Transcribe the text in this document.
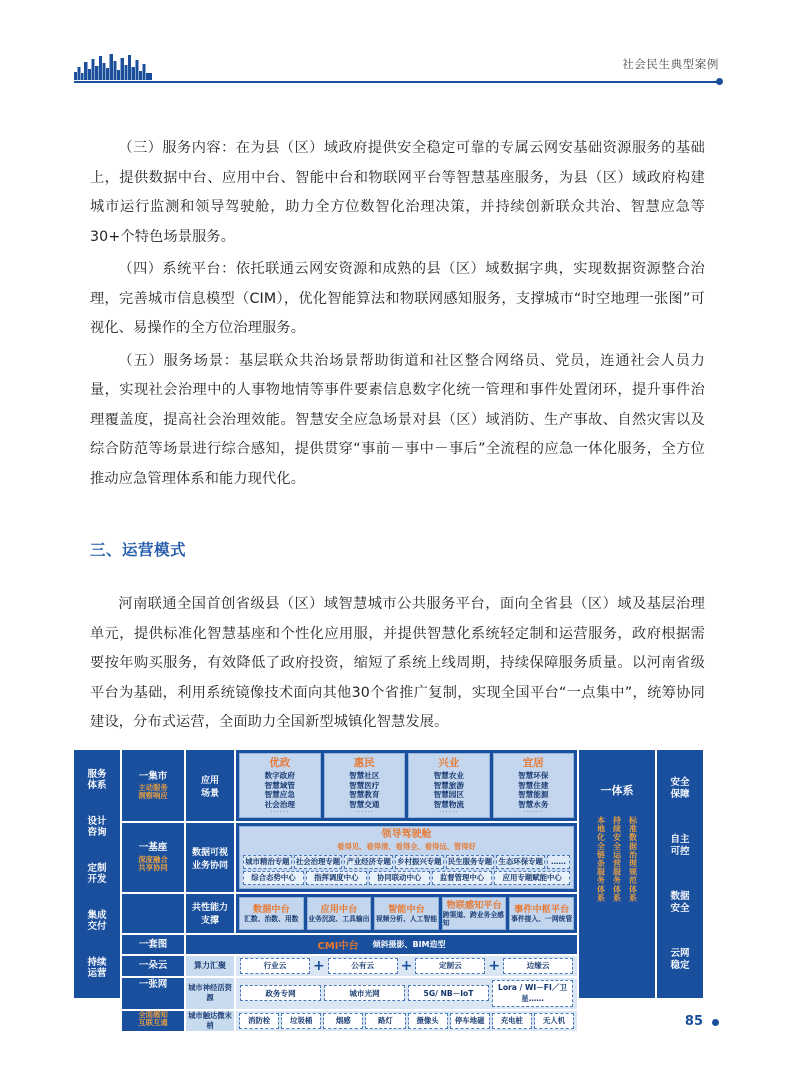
社会民生典型案例

（三）服务内容：在为县（区）域政府提供安全稳定可靠的专属云网安基础资源服务的基础上，提供数据中台、应用中台、智能中台和物联网平台等智慧基座服务，为县（区）域政府构建城市运行监测和领导驾驶舱，助力全方位数智化治理决策，并持续创新联众共治、智慧应急等30+个特色场景服务。

（四）系统平台：依托联通云网安资源和成熟的县（区）域数据字典，实现数据资源整合治理，完善城市信息模型（CIM），优化智能算法和物联网感知服务，支撑城市“时空地理一张图”可视化、易操作的全方位治理服务。

（五）服务场景：基层联众共治场景帮助街道和社区整合网络员、党员，连通社会人员力量，实现社会治理中的人事物地情等事件要素信息数字化统一管理和事件处置闭环，提升事件治理覆盖度，提高社会治理效能。智慧安全应急场景对县（区）域消防、生产事故、自然灾害以及综合防范等场景进行综合感知，提供贯穿“事前－事中－事后”全流程的应急一体化服务，全方位推动应急管理体系和能力现代化。

三、运营模式

河南联通全国首创省级县（区）域智慧城市公共服务平台，面向全省县（区）域及基层治理单元，提供标准化智慧基座和个性化应用服，并提供智慧化系统轻定制和运营服务，政府根据需要按年购买服务，有效降低了政府投资，缩短了系统上线周期，持续保障服务质量。以河南省级平台为基础，利用系统镜像技术面向其他30个省推广复制，实现全国平台“一点集中”，统筹协同建设，分布式运营，全面助力全国新型城镇化智慧发展。

服务
体系
设计
咨询
定制
开发
集成
交付
持续
运营
一集市
主动服务
洞察响应
应用
场景
优政
数字政府
智慧域管
智慧应急
社会治理
······
惠民
智慧社区
智慧医疗
智慧教育
智慧交通
······
兴业
智慧农业
智慧旅游
智慧园区
智慧物流
······
宜居
智慧环保
智慧住建
智慧能源
智慧水务
······
一基座
深度融合
共享协同
数据可视
业务协同
领导驾驶舱
看得见、看得清、看得全、看得远、管得好
城市精治专题 社会治理专题 产业经济专题 乡村振兴专题 民生服务专题 生态环保专题	……
综合态势中心	指挥调度中心	协同联动中心	监督管理中心	应用专题赋能中心
共性能力
支撑
数据中台
汇数、治数、用数
应用中台
业务沉淀、工具输出
智能中台
视频分析、人工智能
物联感知平台
跨渠道、跨业务全感知
事件中枢平台
事件接入、一网统管
一套图	CMI中台 倾斜摄影、BIM造型
一朵云	算力汇聚	行业云	+	公有云	+	定制云	+	边缘云
一张网	城市神经活资源	政务专网	城市光网	5G/ NB－IoT
Lora / WI－FI／卫星……
全面感知
互联互通
城市触达微末梢	消防栓	垃圾桶	烟感	路灯	摄像头	停车地磁	充电桩	无人机
一体系
标准数据治理规范体系
持续安全运营服务体系
本地化全链条服务体系
安全
保障
自主
可控
数据
安全
云网
稳定
85
